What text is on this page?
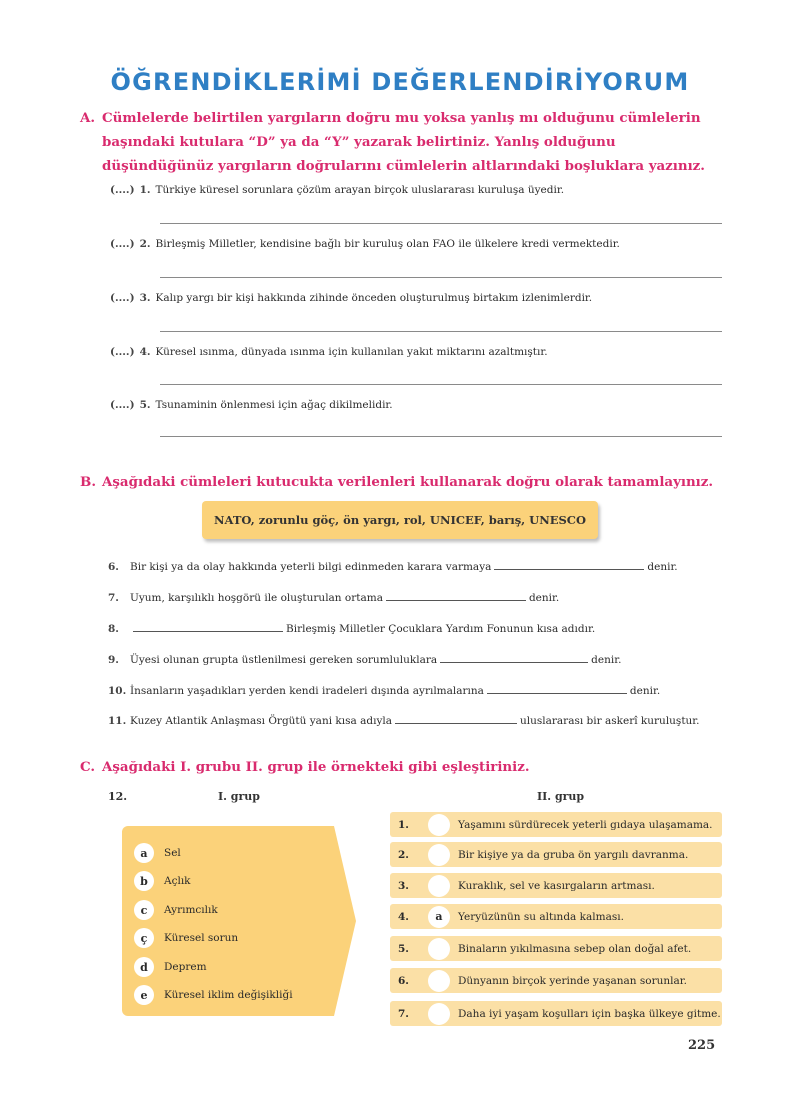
ÖĞRENDİKLERİMİ DEĞERLENDİRİYORUM
A. Cümlelerde belirtilen yargıların doğru mu yoksa yanlış mı olduğunu cümlelerin başındaki kutulara “D” ya da “Y” yazarak belirtiniz. Yanlış olduğunu düşündüğünüz yargıların doğrularını cümlelerin altlarındaki boşluklara yazınız.
(....) 1. Türkiye küresel sorunlara çözüm arayan birçok uluslararası kuruluşa üyedir.
(....) 2. Birleşmiş Milletler, kendisine bağlı bir kuruluş olan FAO ile ülkelere kredi vermektedir.
(....) 3. Kalıp yargı bir kişi hakkında zihinde önceden oluşturulmuş birtakım izlenimlerdir.
(....) 4. Küresel ısınma, dünyada ısınma için kullanılan yakıt miktarını azaltmıştır.
(....) 5. Tsunaminin önlenmesi için ağaç dikilmelidir.
B. Aşağıdaki cümleleri kutucukta verilenleri kullanarak doğru olarak tamamlayınız.
NATO, zorunlu göç, ön yargı, rol, UNICEF, barış, UNESCO
6. Bir kişi ya da olay hakkında yeterli bilgi edinmeden karara varmaya	denir.
7. Uyum, karşılıklı hoşgörü ile oluşturulan ortama	denir.
8.	Birleşmiş Milletler Çocuklara Yardım Fonunun kısa adıdır.
9. Üyesi olunan grupta üstlenilmesi gereken sorumluluklara	denir.
10. İnsanların yaşadıkları yerden kendi iradeleri dışında ayrılmalarına	denir.
11. Kuzey Atlantik Anlaşması Örgütü yani kısa adıyla	uluslararası bir askerî kuruluştur.
C. Aşağıdaki I. grubu II. grup ile örnekteki gibi eşleştiriniz.
12.	I. grup	II. grup
a	Sel
b	Açlık
c	Ayrımcılık
ç	Küresel sorun
d	Deprem
e	Küresel iklim değişikliği
1.	Yaşamını sürdürecek yeterli gıdaya ulaşamama.
2.	Bir kişiye ya da gruba ön yargılı davranma.
3.	Kuraklık, sel ve kasırgaların artması.
4.	a	Yeryüzünün su altında kalması.
5.	Binaların yıkılmasına sebep olan doğal afet.
6.	Dünyanın birçok yerinde yaşanan sorunlar.
7.	Daha iyi yaşam koşulları için başka ülkeye gitme.
225
